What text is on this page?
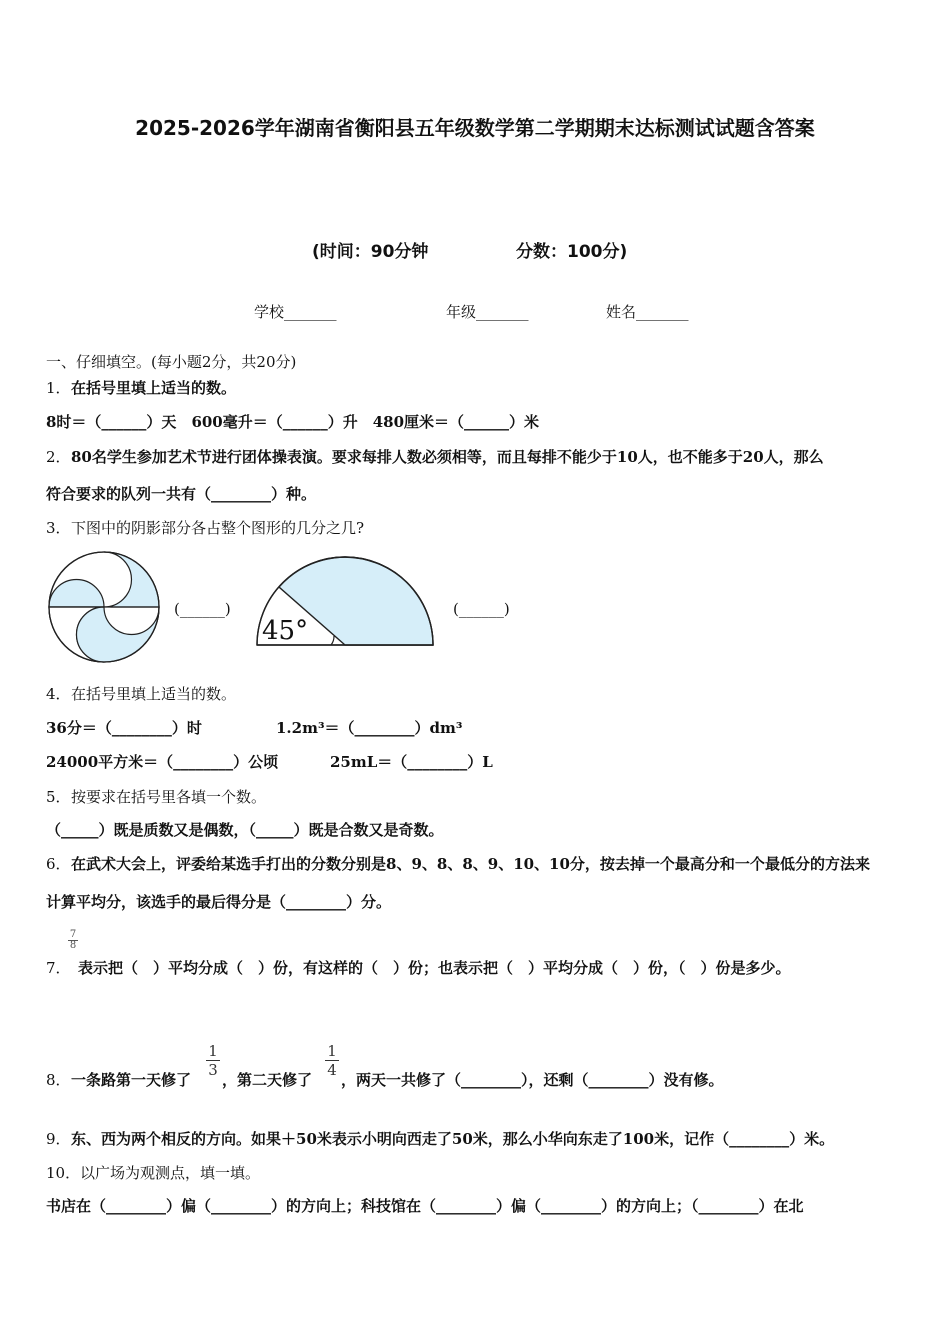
2025-2026学年湖南省衡阳县五年级数学第二学期期末达标测试试题含答案
(时间：90分钟	分数：100分)
学校_______	年级_______	姓名_______
一、仔细填空。(每小题2分，共20分)
1． 在括号里填上适当的数。
8时＝（______）天　600毫升＝（______）升　480厘米＝（______）米
2． 80名学生参加艺术节进行团体操表演。要求每排人数必须相等，而且每排不能少于10人，也不能多于20人，那么
符合要求的队列一共有（________）种。
3． 下图中的阴影部分各占整个图形的几分之几?
(______)
45°
(______)
4． 在括号里填上适当的数。
36分＝（________）时	1.2m³＝（________）dm³
24000平方米＝（________）公顷	25mL＝（________）L
5． 按要求在括号里各填一个数。
（_____）既是质数又是偶数，（_____）既是合数又是奇数。
6． 在武术大会上，评委给某选手打出的分数分别是8、9、8、8、9、10、10分，按去掉一个最高分和一个最低分的方法来
计算平均分，该选手的最后得分是（________）分。
7．
7
8
表示把（　）平均分成（　）份，有这样的（　）份；也表示把（　）平均分成（　）份，（　）份是多少。
8． 一条路第一天修了
1
3
，第二天修了
1
4
，两天一共修了（________），还剩（________）没有修。
9． 东、西为两个相反的方向。如果＋50米表示小明向西走了50米，那么小华向东走了100米，记作（________）米。
10． 以广场为观测点，填一填。
书店在（________）偏（________）的方向上；科技馆在（________）偏（________）的方向上；（________）在北
